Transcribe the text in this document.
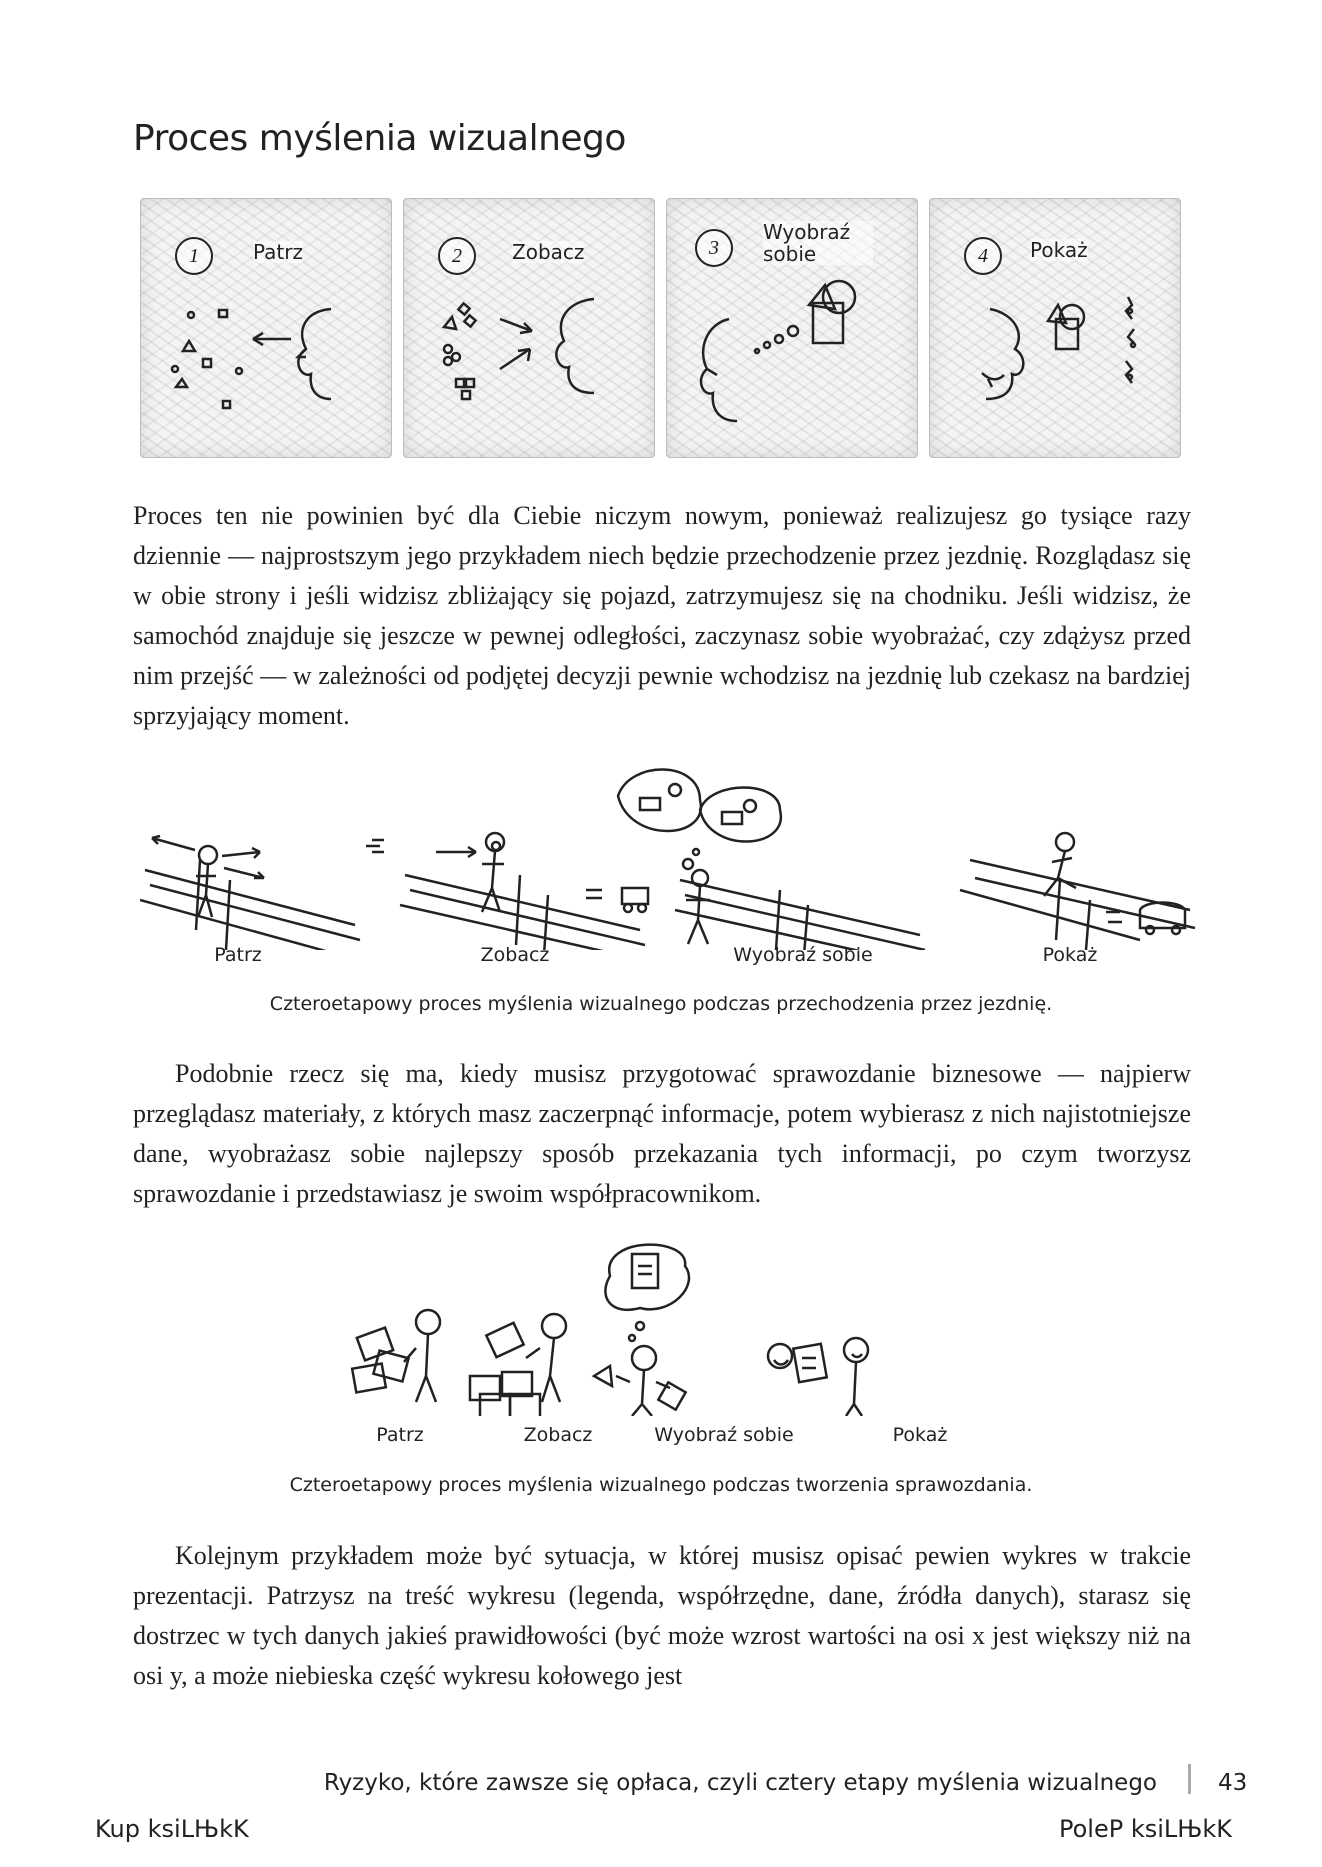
Proces myślenia wizualnego
1	Patrz	2	Zobacz	3
Wyobraź sobie	4	Pokaż
Proces ten nie powinien być dla Ciebie niczym nowym, ponieważ realizujesz go tysiące razy dziennie — najprostszym jego przykładem niech będzie przechodzenie przez jezdnię. Rozglądasz się w obie strony i jeśli widzisz zbliżający się pojazd, zatrzymujesz się na chodniku. Jeśli widzisz, że samochód znajduje się jeszcze w pewnej odległości, zaczynasz sobie wyobrażać, czy zdążysz przed nim przejść — w zależności od podjętej decyzji pewnie wchodzisz na jezdnię lub czekasz na bardziej sprzyjający moment.
Patrz	Zobacz	Wyobraź sobie	Pokaż
Czteroetapowy proces myślenia wizualnego podczas przechodzenia przez jezdnię.
Podobnie rzecz się ma, kiedy musisz przygotować sprawozdanie biznesowe — najpierw przeglądasz materiały, z których masz zaczerpnąć informacje, potem wybierasz z nich najistotniejsze dane, wyobrażasz sobie najlepszy sposób przekazania tych informacji, po czym tworzysz sprawozdanie i przedstawiasz je swoim współpracownikom.
Patrz	Zobacz	Wyobraź sobie	Pokaż
Czteroetapowy proces myślenia wizualnego podczas tworzenia sprawozdania.
Kolejnym przykładem może być sytuacja, w której musisz opisać pewien wykres w trakcie prezentacji. Patrzysz na treść wykresu (legenda, współrzędne, dane, źródła danych), starasz się dostrzec w tych danych jakieś prawidłowości (być może wzrost wartości na osi x jest większy niż na osi y, a może niebieska część wykresu kołowego jest
Ryzyko, które zawsze się opłaca, czyli cztery etapy myślenia wizualnego	43
Kup ksiLЊkK	PoleP ksiLЊkK
